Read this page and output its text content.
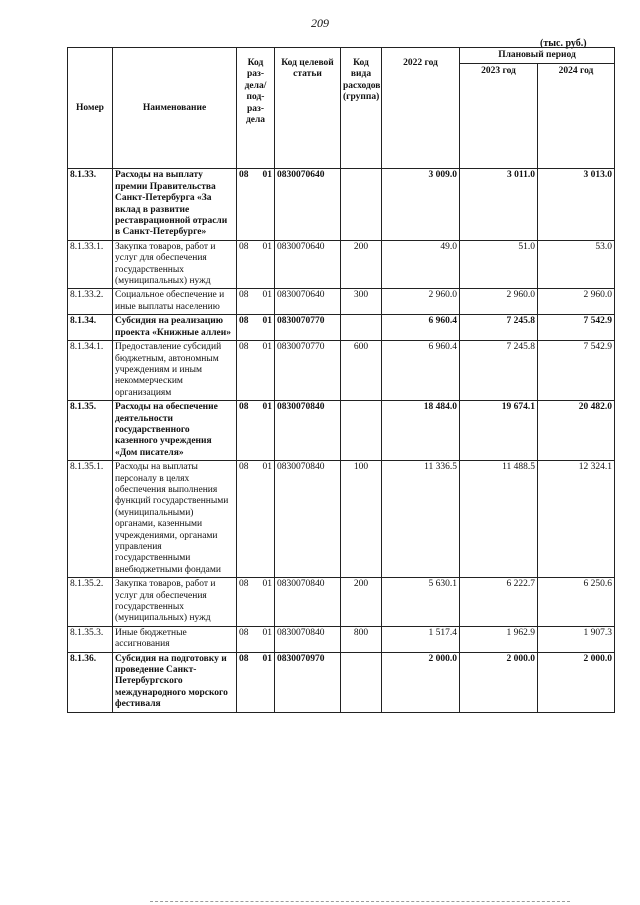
209
(тыс. руб.)
Номер	Наименование	Код раз-дела/ под-раз-дела	Код целевой статьи	Код вида расходов (группа)	2022 год	Плановый период	
						2023 год	2024 год
8.1.33.	Расходы на выплату премии Правительства Санкт-Петербурга «За вклад в развитие реставрационной отрасли в Санкт-Петербурге»	08 01	0830070640		3 009.0	3 011.0	3 013.0
8.1.33.1.	Закупка товаров, работ и услуг для обеспечения государственных (муниципальных) нужд	08 01	0830070640	200	49.0	51.0	53.0
8.1.33.2.	Социальное обеспечение и иные выплаты населению	08 01	0830070640	300	2 960.0	2 960.0	2 960.0
8.1.34.	Субсидия на реализацию проекта «Книжные аллеи»	08 01	0830070770		6 960.4	7 245.8	7 542.9
8.1.34.1.	Предоставление субсидий бюджетным, автономным учреждениям и иным некоммерческим организациям	08 01	0830070770	600	6 960.4	7 245.8	7 542.9
8.1.35.	Расходы на обеспечение деятельности государственного казенного учреждения «Дом писателя»	08 01	0830070840		18 484.0	19 674.1	20 482.0
8.1.35.1.	Расходы на выплаты персоналу в целях обеспечения выполнения функций государственными (муниципальными) органами, казенными учреждениями, органами управления государственными внебюджетными фондами	08 01	0830070840	100	11 336.5	11 488.5	12 324.1
8.1.35.2.	Закупка товаров, работ и услуг для обеспечения государственных (муниципальных) нужд	08 01	0830070840	200	5 630.1	6 222.7	6 250.6
8.1.35.3.	Иные бюджетные ассигнования	08 01	0830070840	800	1 517.4	1 962.9	1 907.3
8.1.36.	Субсидия на подготовку и проведение Санкт-Петербургского международного морского фестиваля	08 01	0830070970		2 000.0	2 000.0	2 000.0
